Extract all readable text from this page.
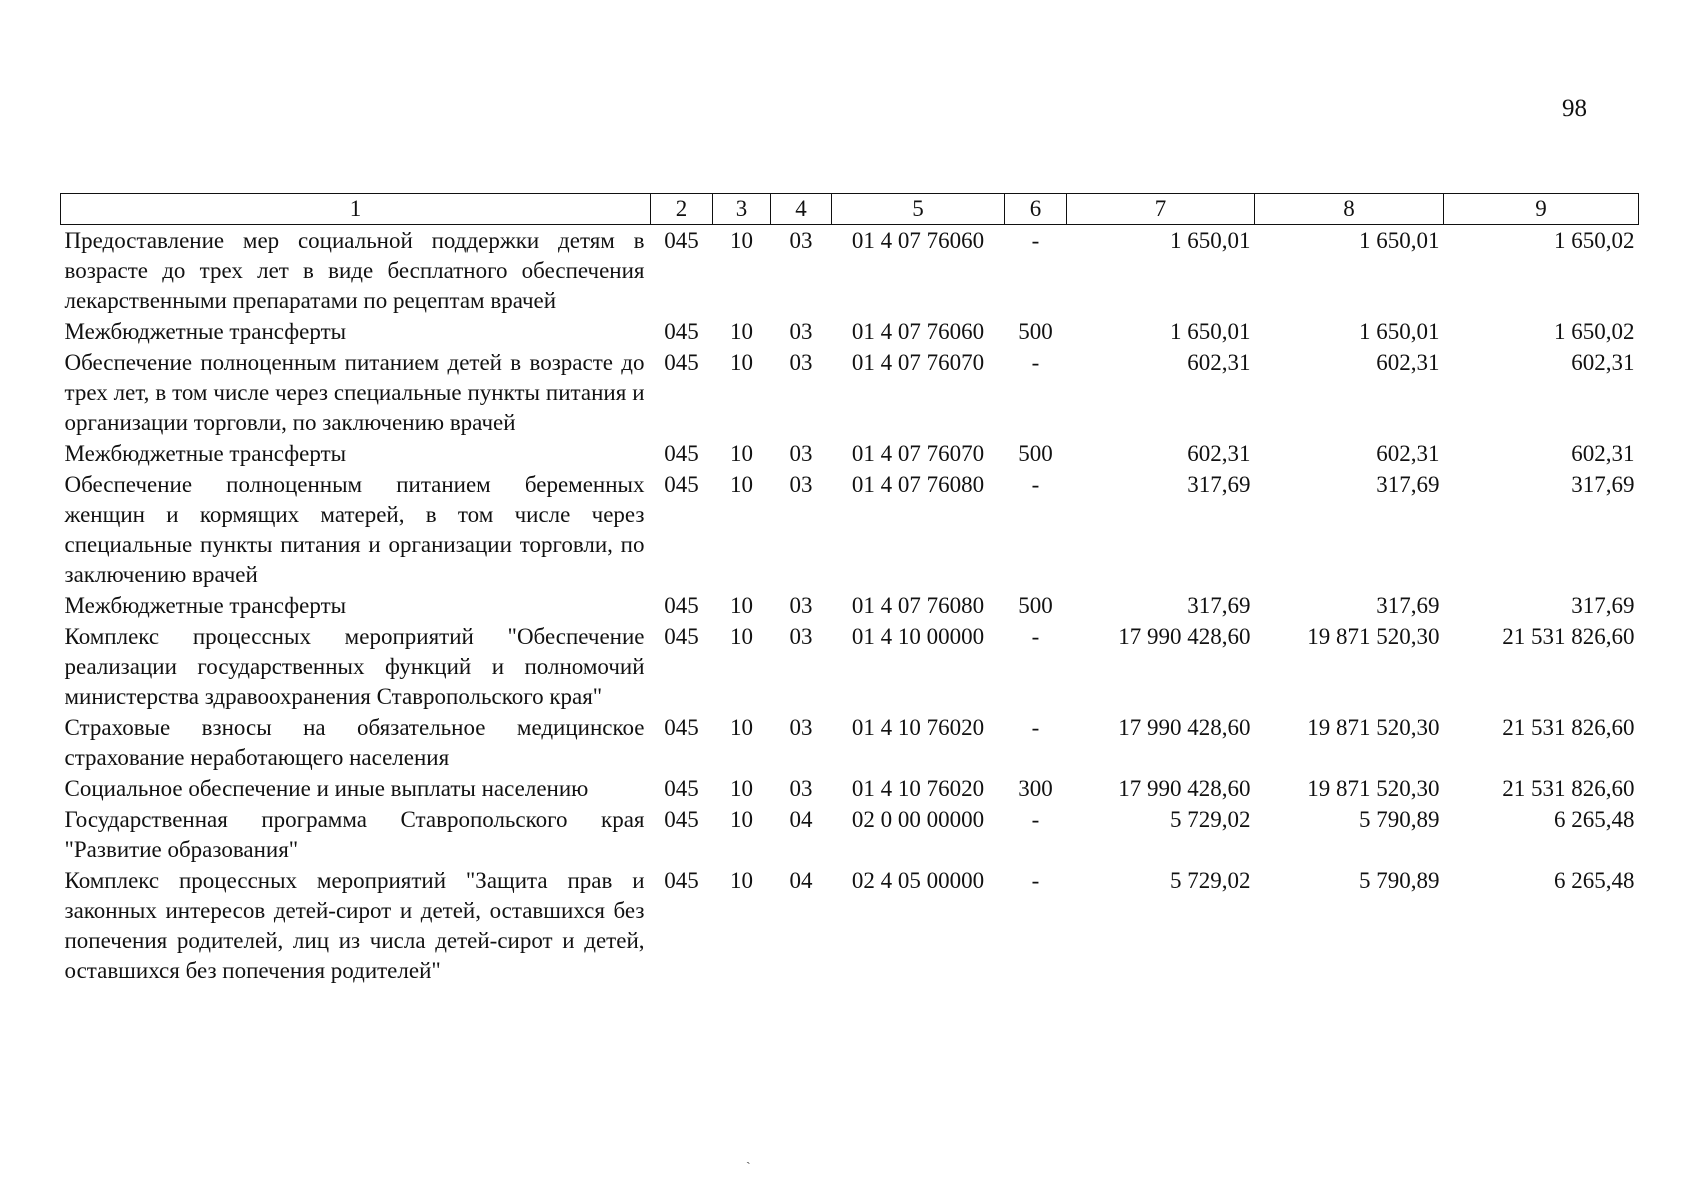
98
1	2	3	4	5	6	7	8	9
Предоставление мер социальной поддержки детям в возрасте до трех лет в виде бесплатного обеспечения лекарственными препаратами по рецептам врачей	045	10	03	01 4 07 76060	-	1 650,01	1 650,01	1 650,02
Межбюджетные трансферты	045	10	03	01 4 07 76060	500	1 650,01	1 650,01	1 650,02
Обеспечение полноценным питанием детей в возрасте до трех лет, в том числе через специальные пункты питания и организации торговли, по заключению врачей	045	10	03	01 4 07 76070	-	602,31	602,31	602,31
Межбюджетные трансферты	045	10	03	01 4 07 76070	500	602,31	602,31	602,31
Обеспечение полноценным питанием беременных женщин и кормящих матерей, в том числе через специальные пункты питания и организации торговли, по заключению врачей	045	10	03	01 4 07 76080	-	317,69	317,69	317,69
Межбюджетные трансферты	045	10	03	01 4 07 76080	500	317,69	317,69	317,69
Комплекс процессных мероприятий "Обеспечение реализации государственных функций и полномочий министерства здравоохранения Ставропольского края"	045	10	03	01 4 10 00000	-	17 990 428,60	19 871 520,30	21 531 826,60
Страховые взносы на обязательное медицинское страхование неработающего населения	045	10	03	01 4 10 76020	-	17 990 428,60	19 871 520,30	21 531 826,60
Социальное обеспечение и иные выплаты населению	045	10	03	01 4 10 76020	300	17 990 428,60	19 871 520,30	21 531 826,60
Государственная программа Ставропольского края "Развитие образования"	045	10	04	02 0 00 00000	-	5 729,02	5 790,89	6 265,48
Комплекс процессных мероприятий "Защита прав и законных интересов детей-сирот и детей, оставшихся без попечения родителей, лиц из числа детей-сирот и детей, оставшихся без попечения родителей"	045	10	04	02 4 05 00000	-	5 729,02	5 790,89	6 265,48
ˎ
